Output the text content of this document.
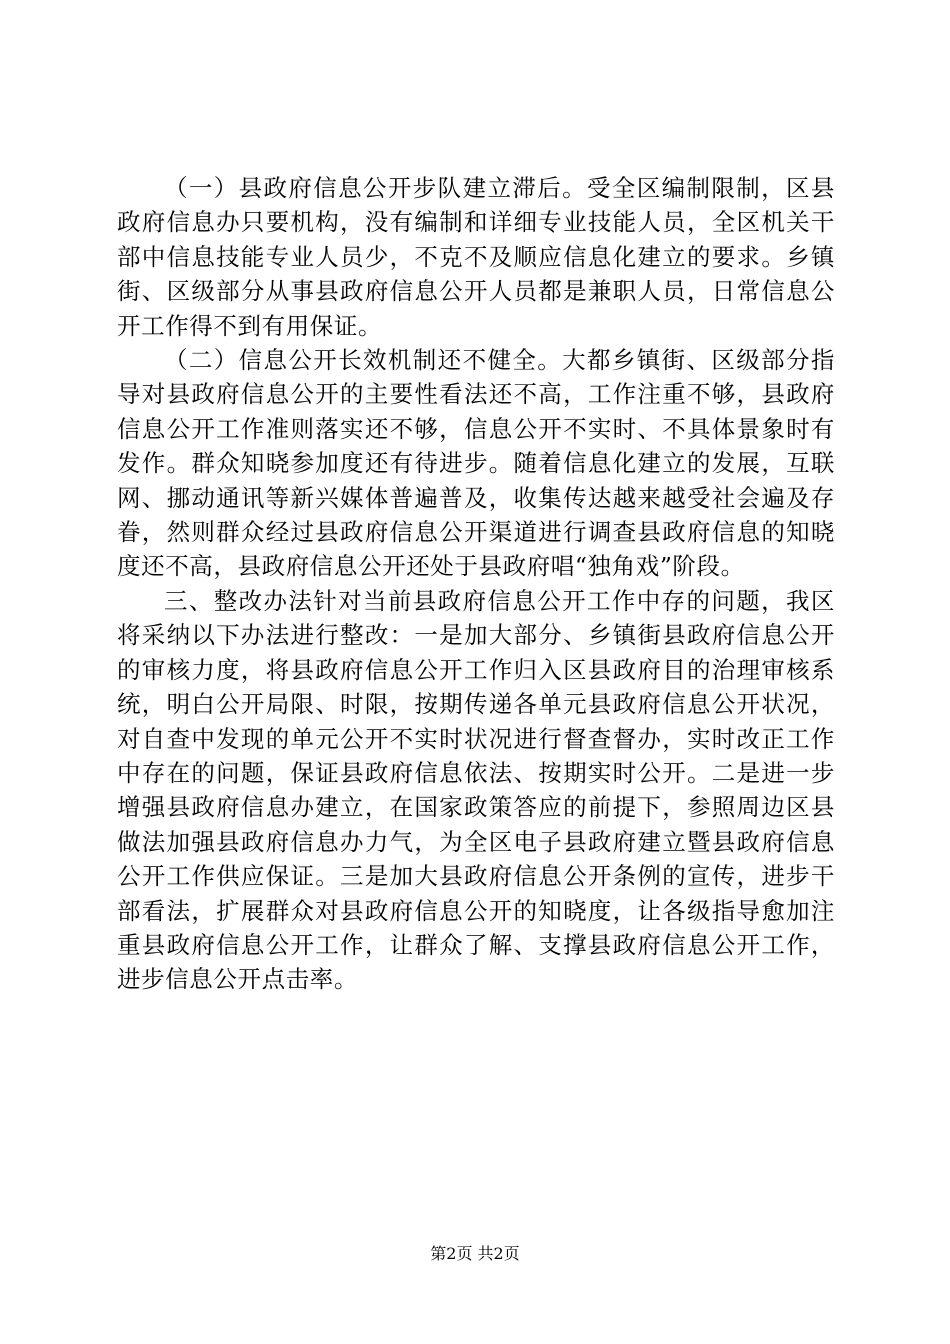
（一）县政府信息公开步队建立滞后。受全区编制限制，区县政府信息办只要机构，没有编制和详细专业技能人员，全区机关干部中信息技能专业人员少，不克不及顺应信息化建立的要求。乡镇街、区级部分从事县政府信息公开人员都是兼职人员，日常信息公开工作得不到有用保证。

（二）信息公开长效机制还不健全。大都乡镇街、区级部分指导对县政府信息公开的主要性看法还不高，工作注重不够，县政府信息公开工作准则落实还不够，信息公开不实时、不具体景象时有发作。群众知晓参加度还有待进步。随着信息化建立的发展，互联网、挪动通讯等新兴媒体普遍普及，收集传达越来越受社会遍及存眷，然则群众经过县政府信息公开渠道进行调查县政府信息的知晓度还不高，县政府信息公开还处于县政府唱“独角戏”阶段。

三、整改办法针对当前县政府信息公开工作中存的问题，我区将采纳以下办法进行整改：一是加大部分、乡镇街县政府信息公开的审核力度，将县政府信息公开工作归入区县政府目的治理审核系统，明白公开局限、时限，按期传递各单元县政府信息公开状况，对自查中发现的单元公开不实时状况进行督查督办，实时改正工作中存在的问题，保证县政府信息依法、按期实时公开。二是进一步增强县政府信息办建立，在国家政策答应的前提下，参照周边区县做法加强县政府信息办力气，为全区电子县政府建立暨县政府信息公开工作供应保证。三是加大县政府信息公开条例的宣传，进步干部看法，扩展群众对县政府信息公开的知晓度，让各级指导愈加注重县政府信息公开工作，让群众了解、支撑县政府信息公开工作，进步信息公开点击率。

第2页 共2页
